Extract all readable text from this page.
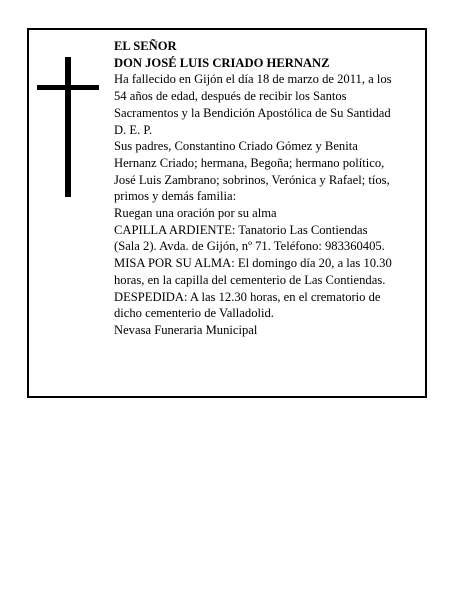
EL SEÑOR
DON JOSÉ LUIS CRIADO HERNANZ
Ha fallecido en Gijón el día 18 de marzo de 2011, a los
54 años de edad, después de recibir los Santos
Sacramentos y la Bendición Apostólica de Su Santidad
D. E. P.
Sus padres, Constantino Criado Gómez y Benita
Hernanz Criado; hermana, Begoña; hermano político,
José Luis Zambrano; sobrinos, Verónica y Rafael; tíos,
primos y demás familia:
Ruegan una oración por su alma
CAPILLA ARDIENTE: Tanatorio Las Contiendas
(Sala 2). Avda. de Gijón, nº 71. Teléfono: 983360405.
MISA POR SU ALMA: El domingo día 20, a las 10.30
horas, en la capilla del cementerio de Las Contiendas.
DESPEDIDA: A las 12.30 horas, en el crematorio de
dicho cementerio de Valladolid.
Nevasa Funeraria Municipal
